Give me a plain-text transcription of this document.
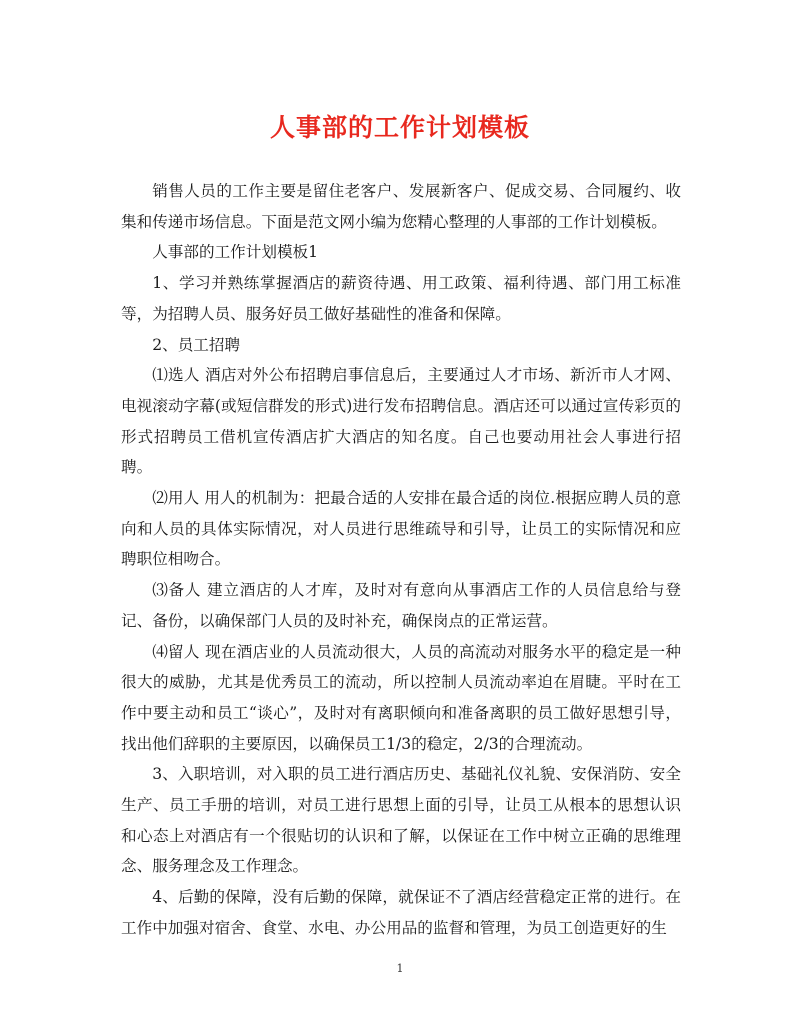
人事部的工作计划模板

销售人员的工作主要是留住老客户、发展新客户、促成交易、合同履约、收集和传递市场信息。下面是范文网小编为您精心整理的人事部的工作计划模板。

人事部的工作计划模板1

1、学习并熟练掌握酒店的薪资待遇、用工政策、福利待遇、部门用工标准等，为招聘人员、服务好员工做好基础性的准备和保障。

2、员工招聘

⑴选人 酒店对外公布招聘启事信息后，主要通过人才市场、新沂市人才网、电视滚动字幕(或短信群发的形式)进行发布招聘信息。酒店还可以通过宣传彩页的形式招聘员工借机宣传酒店扩大酒店的知名度。自己也要动用社会人事进行招聘。

⑵用人 用人的机制为：把最合适的人安排在最合适的岗位.根据应聘人员的意向和人员的具体实际情况，对人员进行思维疏导和引导，让员工的实际情况和应聘职位相吻合。

⑶备人 建立酒店的人才库，及时对有意向从事酒店工作的人员信息给与登记、备份，以确保部门人员的及时补充，确保岗点的正常运营。

⑷留人 现在酒店业的人员流动很大，人员的高流动对服务水平的稳定是一种很大的威胁，尤其是优秀员工的流动，所以控制人员流动率迫在眉睫。平时在工作中要主动和员工“谈心”，及时对有离职倾向和准备离职的员工做好思想引导，找出他们辞职的主要原因，以确保员工1/3的稳定，2/3的合理流动。

3、入职培训，对入职的员工进行酒店历史、基础礼仪礼貌、安保消防、安全生产、员工手册的培训，对员工进行思想上面的引导，让员工从根本的思想认识和心态上对酒店有一个很贴切的认识和了解，以保证在工作中树立正确的思维理念、服务理念及工作理念。

4、后勤的保障，没有后勤的保障，就保证不了酒店经营稳定正常的进行。在工作中加强对宿舍、食堂、水电、办公用品的监督和管理，为员工创造更好的生

1
